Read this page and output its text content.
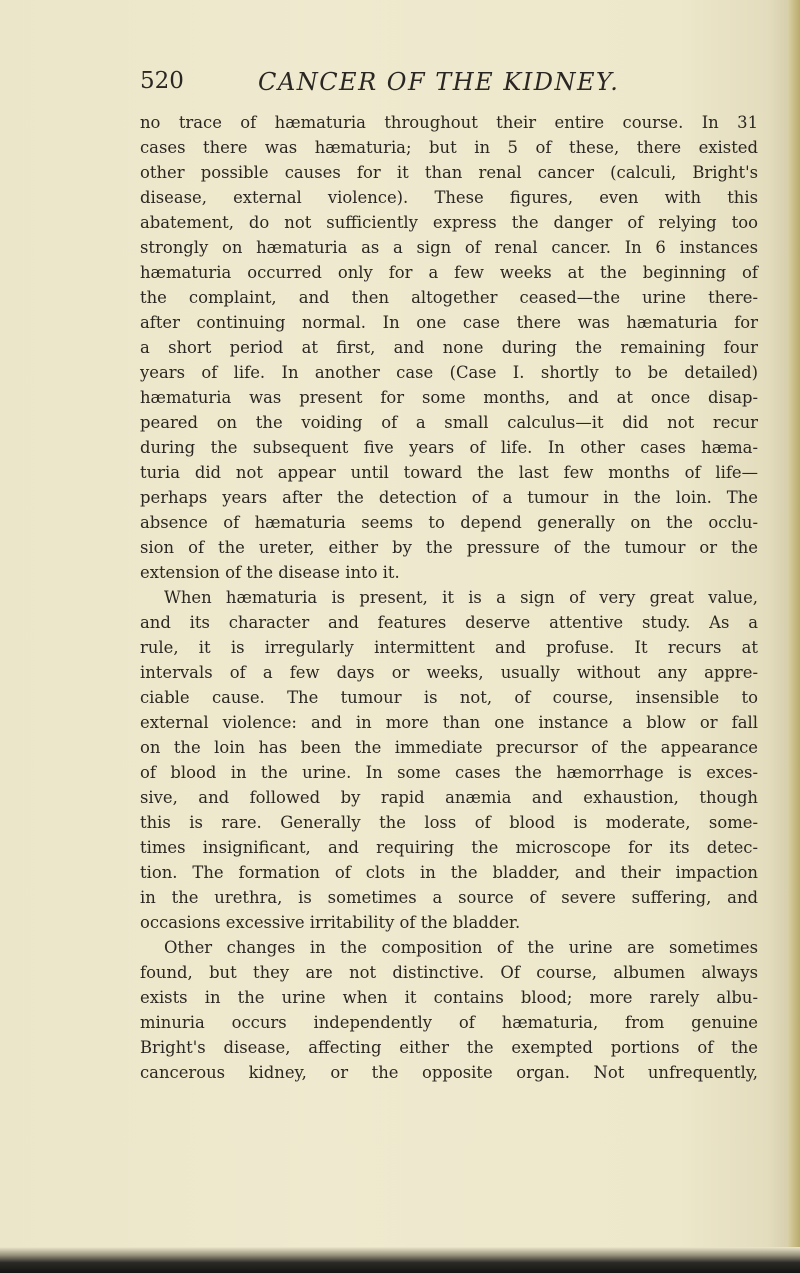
520	CANCER OF THE KIDNEY.
no trace of hæmaturia throughout their entire course. In 31
cases there was hæmaturia; but in 5 of these, there existed
other possible causes for it than renal cancer (calculi, Bright's
disease, external violence). These figures, even with this
abatement, do not sufficiently express the danger of relying too
strongly on hæmaturia as a sign of renal cancer. In 6 instances
hæmaturia occurred only for a few weeks at the beginning of
the complaint, and then altogether ceased—the urine there-
after continuing normal. In one case there was hæmaturia for
a short period at first, and none during the remaining four
years of life. In another case (Case I. shortly to be detailed)
hæmaturia was present for some months, and at once disap-
peared on the voiding of a small calculus—it did not recur
during the subsequent five years of life. In other cases hæma-
turia did not appear until toward the last few months of life—
perhaps years after the detection of a tumour in the loin. The
absence of hæmaturia seems to depend generally on the occlu-
sion of the ureter, either by the pressure of the tumour or the
extension of the disease into it.
When hæmaturia is present, it is a sign of very great value,
and its character and features deserve attentive study. As a
rule, it is irregularly intermittent and profuse. It recurs at
intervals of a few days or weeks, usually without any appre-
ciable cause. The tumour is not, of course, insensible to
external violence: and in more than one instance a blow or fall
on the loin has been the immediate precursor of the appearance
of blood in the urine. In some cases the hæmorrhage is exces-
sive, and followed by rapid anæmia and exhaustion, though
this is rare. Generally the loss of blood is moderate, some-
times insignificant, and requiring the microscope for its detec-
tion. The formation of clots in the bladder, and their impaction
in the urethra, is sometimes a source of severe suffering, and
occasions excessive irritability of the bladder.
Other changes in the composition of the urine are sometimes
found, but they are not distinctive. Of course, albumen always
exists in the urine when it contains blood; more rarely albu-
minuria occurs independently of hæmaturia, from genuine
Bright's disease, affecting either the exempted portions of the
cancerous kidney, or the opposite organ. Not unfrequently,
